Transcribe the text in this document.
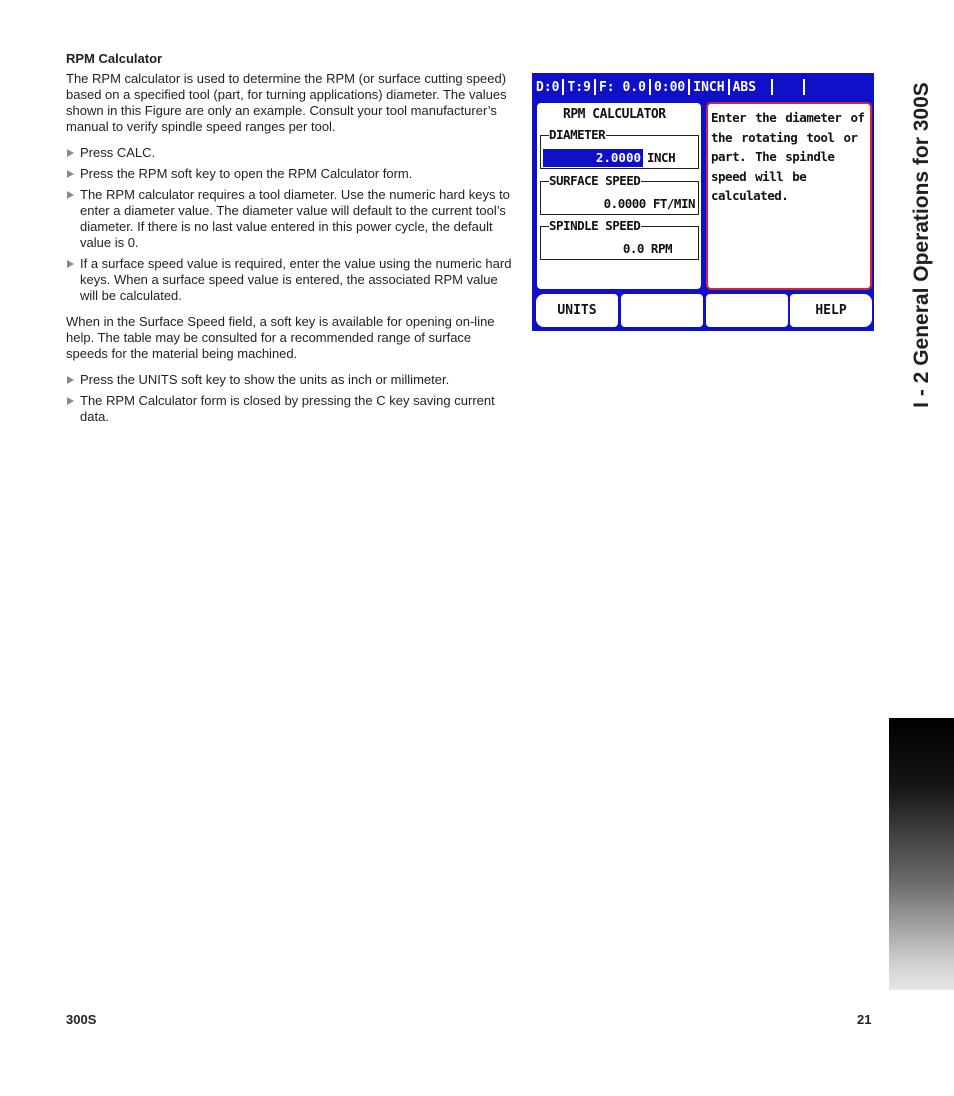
RPM Calculator

The RPM calculator is used to determine the RPM (or surface cutting speed) based on a specified tool (part, for turning applications) diameter. The values shown in this Figure are only an example. Consult your tool manufacturer’s manual to verify spindle speed ranges per tool.

Press CALC.
Press the RPM soft key to open the RPM Calculator form.
The RPM calculator requires a tool diameter. Use the numeric hard keys to enter a diameter value. The diameter value will default to the current tool’s diameter. If there is no last value entered in this power cycle, the default value is 0.
If a surface speed value is required, enter the value using the numeric hard keys. When a surface speed value is entered, the associated RPM value will be calculated.

When in the Surface Speed field, a soft key is available for opening on-line help. The table may be consulted for a recommended range of surface speeds for the material being machined.

Press the UNITS soft key to show the units as inch or millimeter.
The RPM Calculator form is closed by pressing the C key saving current data.
D:0 T:9 F: 0.0 0:00 INCH ABS
RPM CALCULATOR
DIAMETER
2.0000 INCH
SURFACE SPEED
0.0000 FT/MIN
SPINDLE SPEED
0.0 RPM
Enter the diameter of the rotating tool or part. The spindle speed will be calculated.
UNITS	HELP	I - 2 General Operations for 300S
300S	21
